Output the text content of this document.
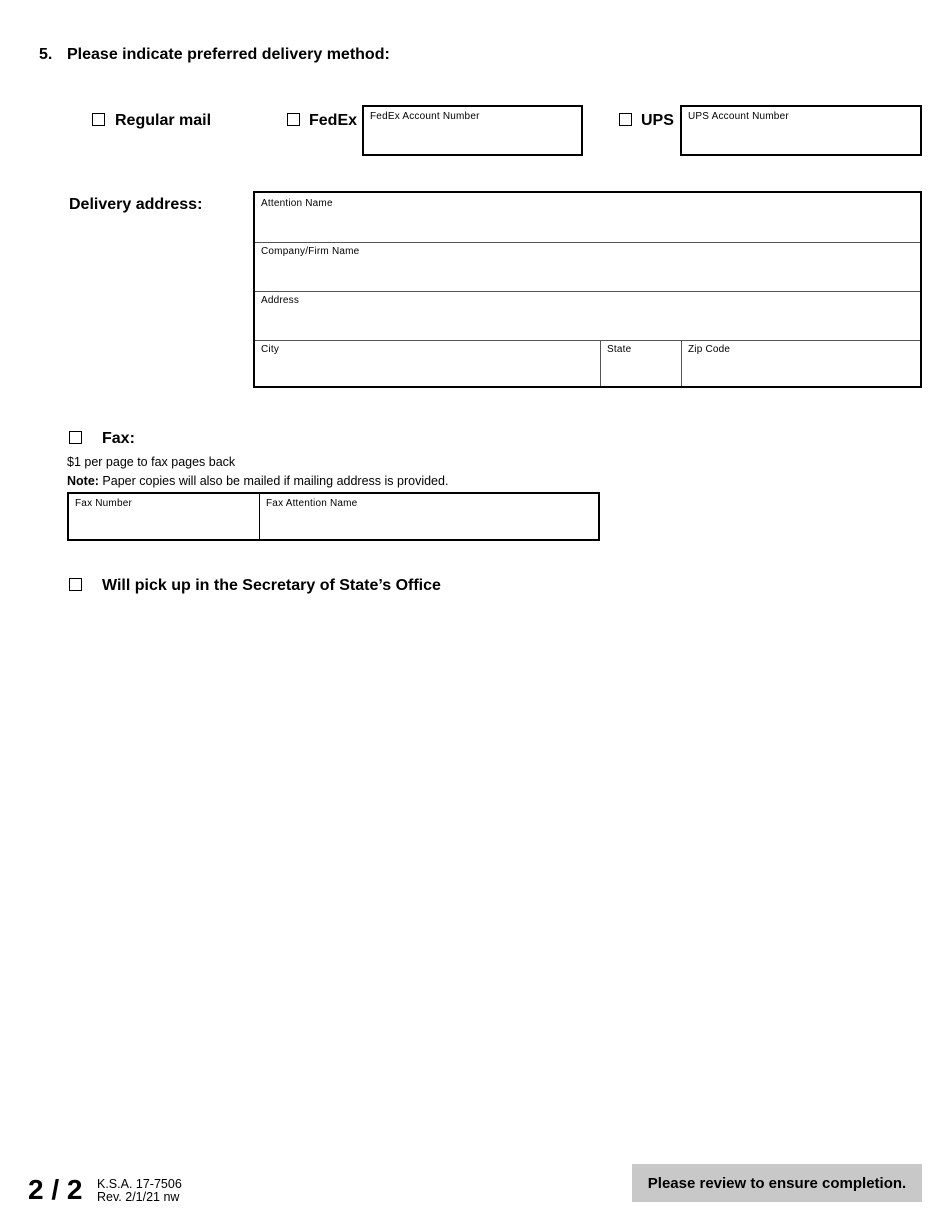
5. Please indicate preferred delivery method:
Regular mail	FedEx FedEx Account Number	UPS UPS Account Number
Delivery address:	Attention Name
Company/Firm Name
Address
City	State	Zip Code
Fax:
$1 per page to fax pages back
Note: Paper copies will also be mailed if mailing address is provided.
Fax Number	Fax Attention Name
Will pick up in the Secretary of State’s Office
2 / 2 K.S.A. 17-7506
Rev. 2/1/21 nw
Please review to ensure completion.
